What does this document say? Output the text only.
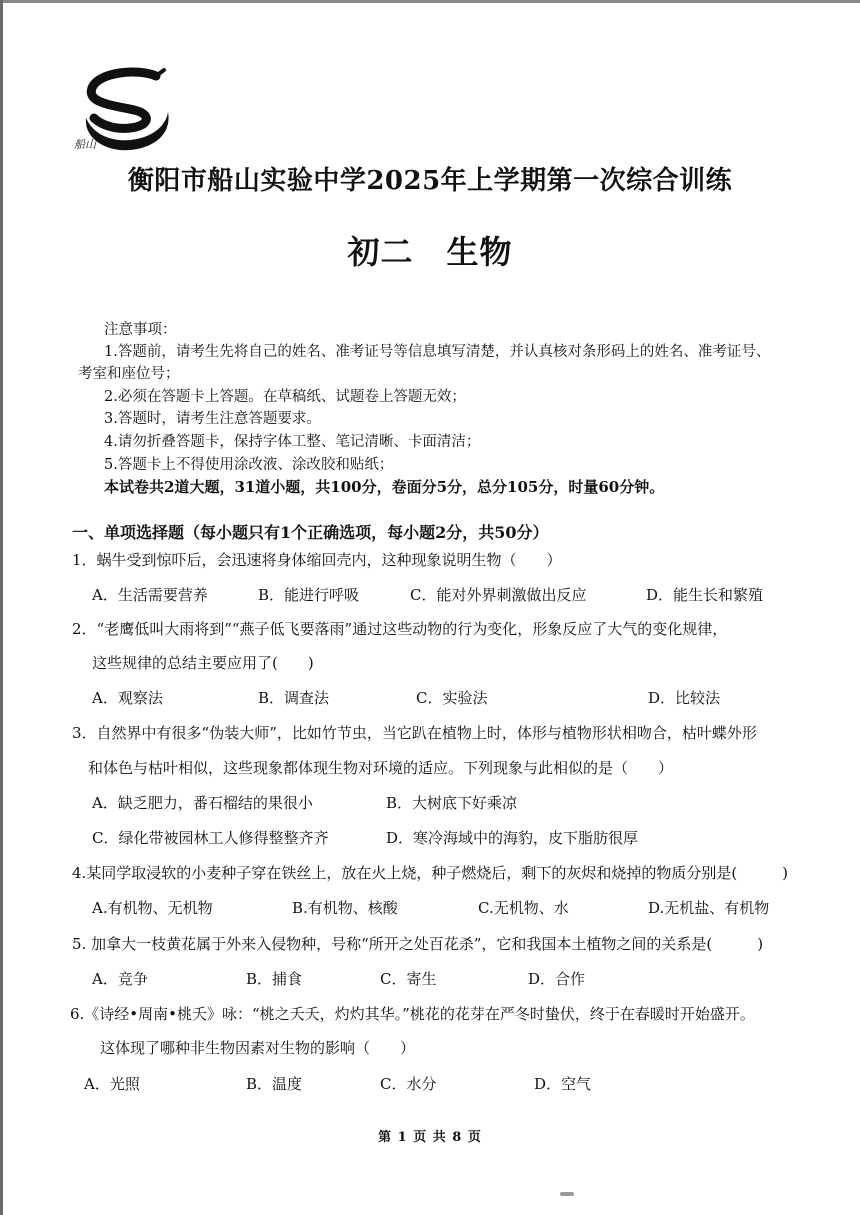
船山
衡阳市船山实验中学2025年上学期第一次综合训练
初二　生物
注意事项：
1.答题前，请考生先将自己的姓名、准考证号等信息填写清楚，并认真核对条形码上的姓名、准考证号、
考室和座位号；
2.必须在答题卡上答题。在草稿纸、试题卷上答题无效；
3.答题时，请考生注意答题要求。
4.请勿折叠答题卡，保持字体工整、笔记清晰、卡面清洁；
5.答题卡上不得使用涂改液、涂改胶和贴纸；
本试卷共2道大题，31道小题，共100分，卷面分5分，总分105分，时量60分钟。
一、单项选择题（每小题只有1个正确选项，每小题2分，共50分）
1．蜗牛受到惊吓后，会迅速将身体缩回壳内，这种现象说明生物（　　）
A．生活需要营养	B．能进行呼吸	C．能对外界刺激做出反应	D．能生长和繁殖
2．“老鹰低叫大雨将到”“燕子低飞要落雨”通过这些动物的行为变化，形象反应了大气的变化规律，
这些规律的总结主要应用了(　　)
A．观察法	B．调查法	C．实验法	D．比较法
3．自然界中有很多“伪装大师”，比如竹节虫，当它趴在植物上时，体形与植物形状相吻合，枯叶蝶外形
和体色与枯叶相似，这些现象都体现生物对环境的适应。下列现象与此相似的是（　　）
A．缺乏肥力，番石榴结的果很小	B．大树底下好乘凉
C．绿化带被园林工人修得整整齐齐	D．寒冷海域中的海豹，皮下脂肪很厚
4.某同学取浸软的小麦种子穿在铁丝上，放在火上烧，种子燃烧后，剩下的灰烬和烧掉的物质分别是(　　　)
A.有机物、无机物	B.有机物、核酸	C.无机物、水	D.无机盐、有机物
5. 加拿大一枝黄花属于外来入侵物种，号称“所开之处百花杀”，它和我国本土植物之间的关系是(　　　)
A．竞争	B．捕食	C．寄生	D．合作
6.《诗经•周南•桃夭》咏：“桃之夭夭，灼灼其华。”桃花的花芽在严冬时蛰伏，终于在春暖时开始盛开。
这体现了哪种非生物因素对生物的影响（　　）
A．光照	B．温度	C．水分	D．空气
第 1 页 共 8 页
